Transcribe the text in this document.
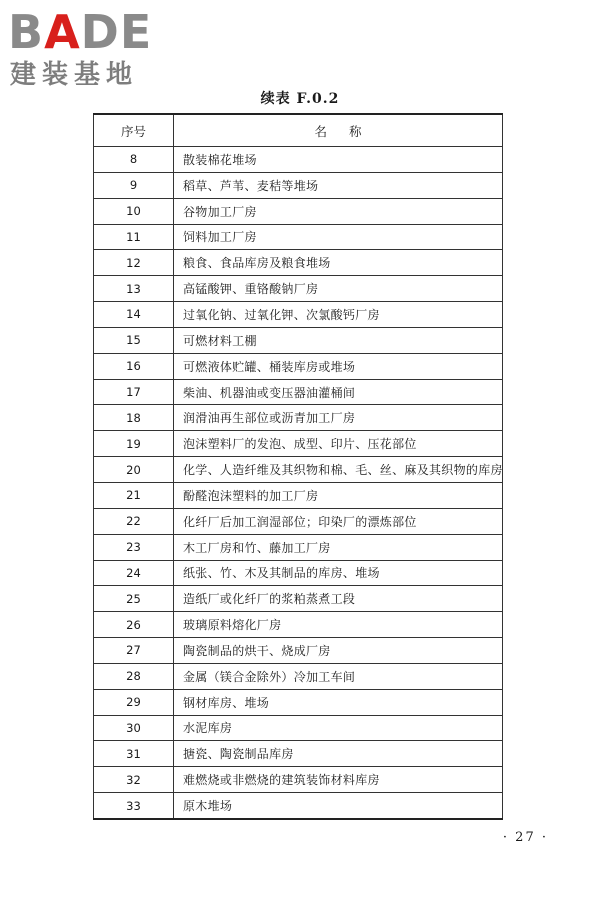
BADE
建装基地
续表 F.0.2
序号	名称
8	散装棉花堆场
9	稻草、芦苇、麦秸等堆场
10	谷物加工厂房
11	饲料加工厂房
12	粮食、食品库房及粮食堆场
13	高锰酸钾、重铬酸钠厂房
14	过氧化钠、过氧化钾、次氯酸钙厂房
15	可燃材料工棚
16	可燃液体贮罐、桶装库房或堆场
17	柴油、机器油或变压器油灌桶间
18	润滑油再生部位或沥青加工厂房
19	泡沫塑料厂的发泡、成型、印片、压花部位
20	化学、人造纤维及其织物和棉、毛、丝、麻及其织物的库房
21	酚醛泡沫塑料的加工厂房
22	化纤厂后加工润湿部位；印染厂的漂炼部位
23	木工厂房和竹、藤加工厂房
24	纸张、竹、木及其制品的库房、堆场
25	造纸厂或化纤厂的浆粕蒸煮工段
26	玻璃原料熔化厂房
27	陶瓷制品的烘干、烧成厂房
28	金属（镁合金除外）冷加工车间
29	钢材库房、堆场
30	水泥库房
31	搪瓷、陶瓷制品库房
32	难燃烧或非燃烧的建筑装饰材料库房
33	原木堆场
· 27 ·
